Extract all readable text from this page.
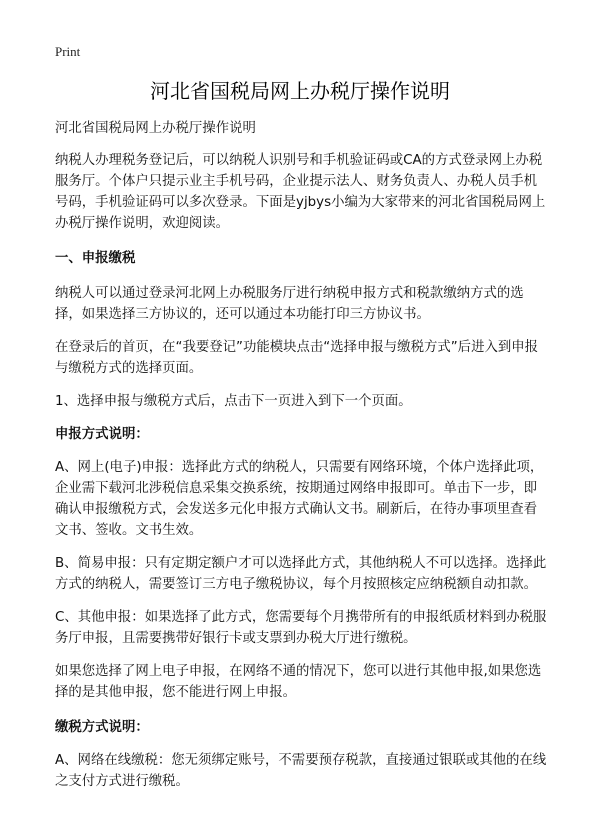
Print
河北省国税局网上办税厅操作说明

河北省国税局网上办税厅操作说明

纳税人办理税务登记后，可以纳税人识别号和手机验证码或CA的方式登录网上办税服务厅。个体户只提示业主手机号码，企业提示法人、财务负责人、办税人员手机号码，手机验证码可以多次登录。下面是yjbys小编为大家带来的河北省国税局网上办税厅操作说明，欢迎阅读。

一、申报缴税

纳税人可以通过登录河北网上办税服务厅进行纳税申报方式和税款缴纳方式的选择，如果选择三方协议的，还可以通过本功能打印三方协议书。

在登录后的首页，在“我要登记”功能模块点击“选择申报与缴税方式”后进入到申报与缴税方式的选择页面。

1、选择申报与缴税方式后，点击下一页进入到下一个页面。

申报方式说明：

A、网上(电子)申报：选择此方式的纳税人，只需要有网络环境，个体户选择此项，企业需下载河北涉税信息采集交换系统，按期通过网络申报即可。单击下一步，即确认申报缴税方式，会发送多元化申报方式确认文书。刷新后，在待办事项里查看文书、签收。文书生效。

B、简易申报：只有定期定额户才可以选择此方式，其他纳税人不可以选择。选择此方式的纳税人，需要签订三方电子缴税协议，每个月按照核定应纳税额自动扣款。

C、其他申报：如果选择了此方式，您需要每个月携带所有的申报纸质材料到办税服务厅申报，且需要携带好银行卡或支票到办税大厅进行缴税。

如果您选择了网上电子申报，在网络不通的情况下，您可以进行其他申报,如果您选择的是其他申报，您不能进行网上申报。

缴税方式说明：

A、网络在线缴税：您无须绑定账号，不需要预存税款，直接通过银联或其他的在线之支付方式进行缴税。
